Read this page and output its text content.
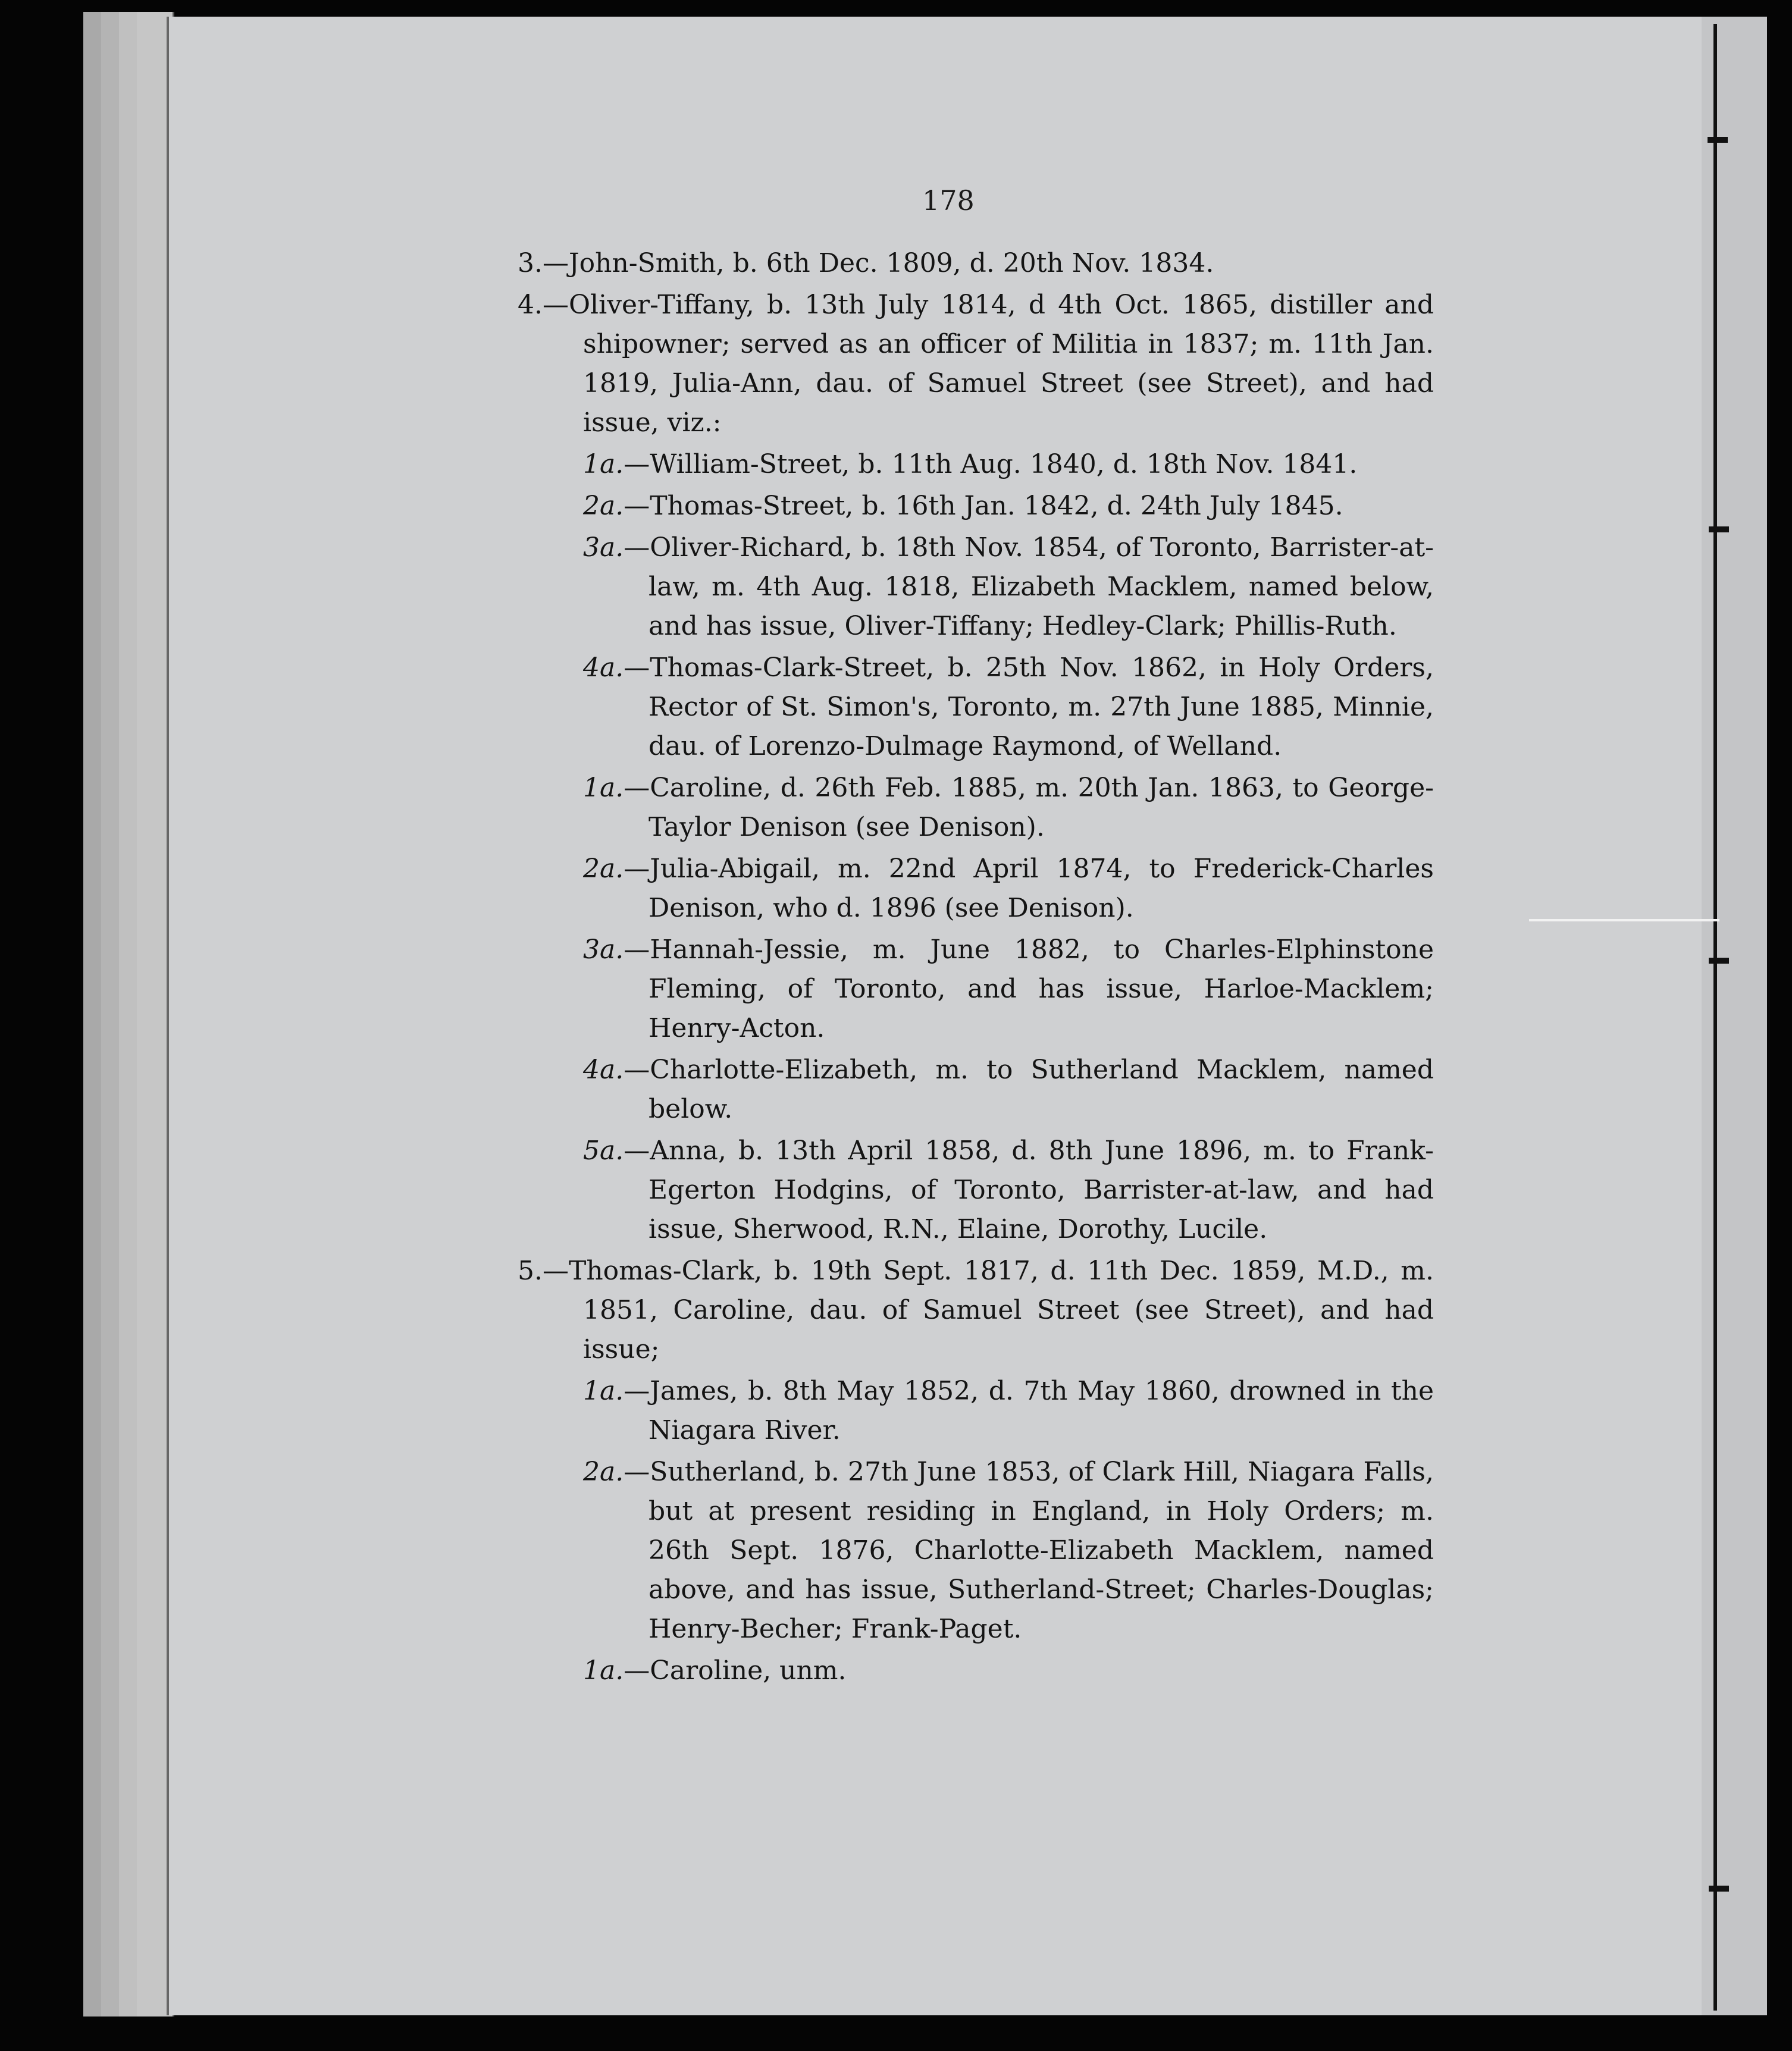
178

3.—John-Smith, b. 6th Dec. 1809, d. 20th Nov. 1834.

4.—Oliver-Tiffany, b. 13th July 1814, d 4th Oct. 1865, distiller and shipowner; served as an officer of Militia in 1837; m. 11th Jan. 1819, Julia-Ann, dau. of Samuel Street (see Street), and had issue, viz.:

1a.—William-Street, b. 11th Aug. 1840, d. 18th Nov. 1841.

2a.—Thomas-Street, b. 16th Jan. 1842, d. 24th July 1845.

3a.—Oliver-Richard, b. 18th Nov. 1854, of Toronto, Barrister-at-law, m. 4th Aug. 1818, Elizabeth Macklem, named below, and has issue, Oliver-Tiffany; Hedley-Clark; Phillis-Ruth.

4a.—Thomas-Clark-Street, b. 25th Nov. 1862, in Holy Orders, Rector of St. Simon's, Toronto, m. 27th June 1885, Minnie, dau. of Lorenzo-Dulmage Raymond, of Welland.

1a.—Caroline, d. 26th Feb. 1885, m. 20th Jan. 1863, to George-Taylor Denison (see Denison).

2a.—Julia-Abigail, m. 22nd April 1874, to Frederick-Charles Denison, who d. 1896 (see Denison).

3a.—Hannah-Jessie, m. June 1882, to Charles-Elphinstone Fleming, of Toronto, and has issue, Harloe-Macklem; Henry-Acton.

4a.—Charlotte-Elizabeth, m. to Sutherland Macklem, named below.

5a.—Anna, b. 13th April 1858, d. 8th June 1896, m. to Frank-Egerton Hodgins, of Toronto, Barrister-at-law, and had issue, Sherwood, R.N., Elaine, Dorothy, Lucile.

5.—Thomas-Clark, b. 19th Sept. 1817, d. 11th Dec. 1859, M.D., m. 1851, Caroline, dau. of Samuel Street (see Street), and had issue;

1a.—James, b. 8th May 1852, d. 7th May 1860, drowned in the Niagara River.

2a.—Sutherland, b. 27th June 1853, of Clark Hill, Niagara Falls, but at present residing in England, in Holy Orders; m. 26th Sept. 1876, Charlotte-Elizabeth Macklem, named above, and has issue, Sutherland-Street; Charles-Douglas; Henry-Becher; Frank-Paget.

1a.—Caroline, unm.
